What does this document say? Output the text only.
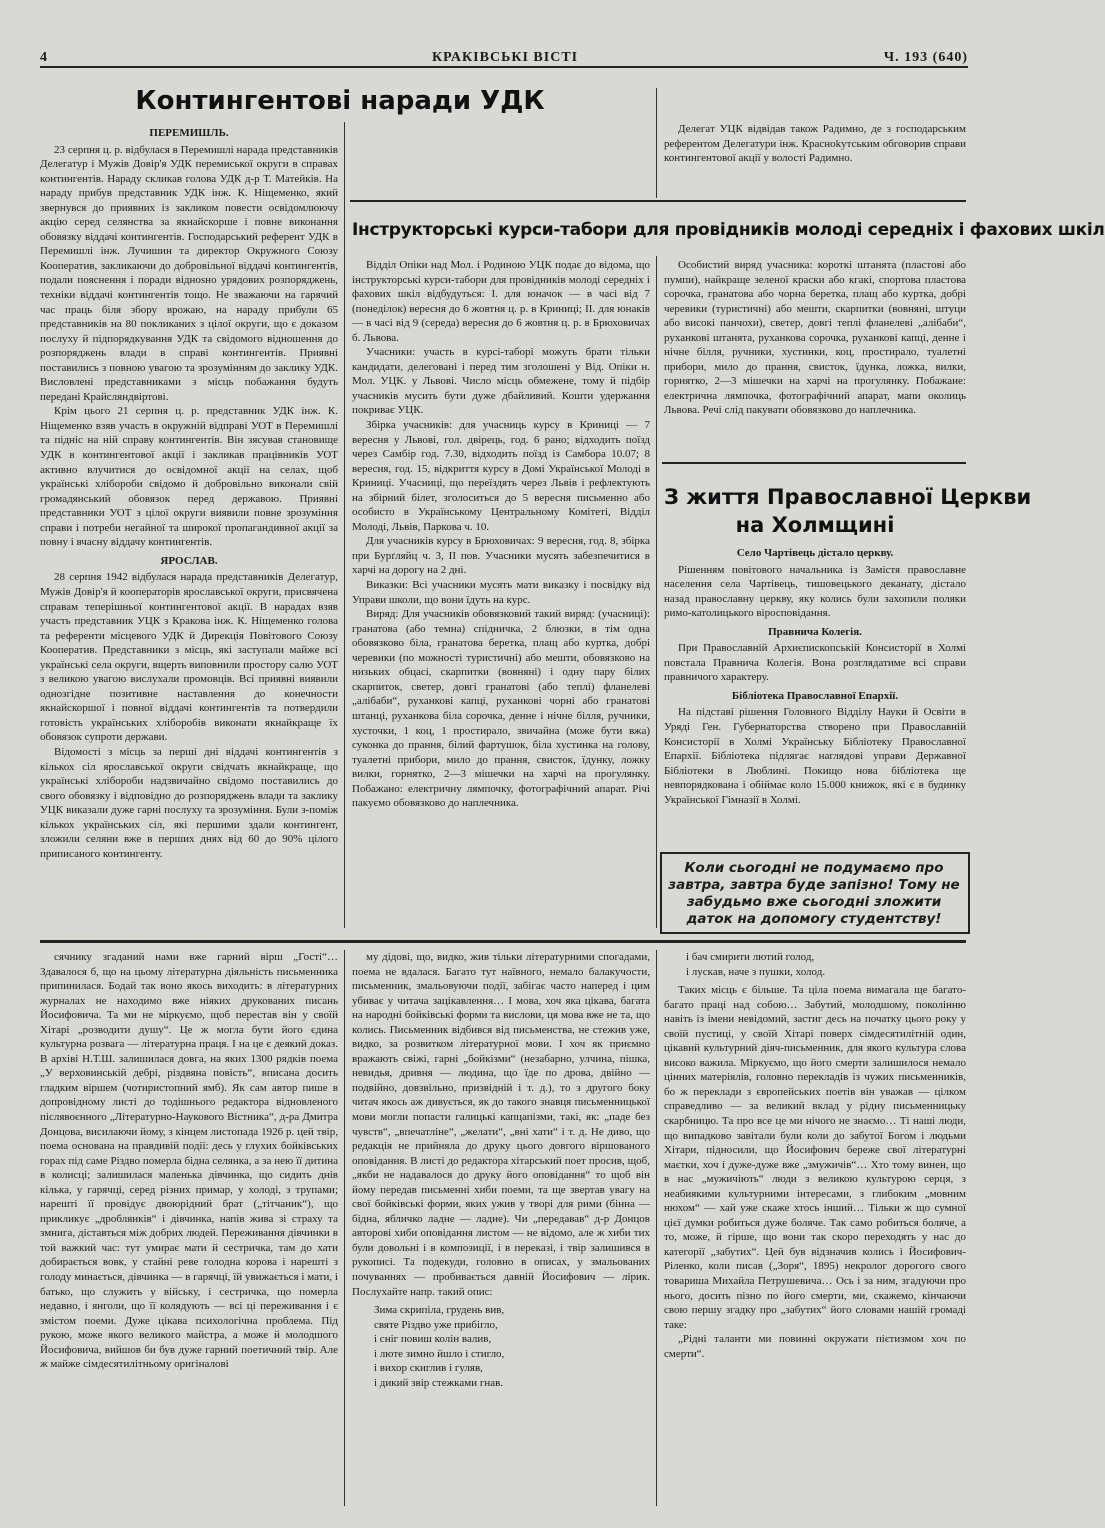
4	КРАКІВСЬКІ ВІСТІ	Ч. 193 (640)
Контингентові наради УДК

ПЕРЕМИШЛЬ.

23 серпня ц. р. відбулася в Перемишлі нарада представників Делегатур і Мужів Довір'я УДК перемиської округи в справах контингентів. Нараду скликав голова УДК д-р Т. Матейків. На нараду прибув представник УДК інж. К. Ніщеменко, який звернувся до приявних із закликом повести освідомлюючу акцію серед селянства за якнайскорше і повне виконання обовязку віддачі контингентів. Господарський референт УДК в Перемишлі інж. Лучишин та директор Окружного Союзу Кооператив, закликаючи до добровільної віддачі контингентів, подали пояснення і поради віднosно урядових розпоряджень, техніки віддачі контингентів тощо. Не зважаючи на гарячий час праць біля збору врожаю, на нараду прибули 65 представників на 80 покликаних з цілої округи, що є доказом послуху й підпорядкування УДК та свідомого відношення до розпоряджень влади в справі контингентів. Приявні поставились з повною увагою та зрозумінням до заклику УДК. Висловлені представниками з місць побажання будуть передані Крайсляндвіртові.

Крім цього 21 серпня ц. р. представник УДК інж. К. Ніщеменко взяв участь в окружній відправі УОТ в Перемишлі та підніс на ній справу контингентів. Він зясував становище УДК в контингентової акції і закликав працівників УОТ активно влучитися до освідомної акції на селах, щоб українські хлібороби свідомо й добровільно виконали свій громадянський обовязок перед державою. Приявні представники УОТ з цілої округи виявили повне зрозуміння справи і потреби негайної та широкої пропагандивної акції за повну і вчасну віддачу контингентів.

ЯРОСЛАВ.

28 серпня 1942 відбулася нарада представників Делегатур, Мужів Довір'я й кооператорів ярославської округи, присвячена справам теперішньої контингентової акції. В нарадах взяв участь представник УЦК з Кракова інж. К. Ніщеменко голова та референти місцевого УДК й Дирекція Повітового Союзу Кооператив. Представники з місць, які заступали майже всі українські села округи, вщерть виповнили простору салю УОТ з великою увагою вислухали промовців. Всі приявні виявили однозгідне позитивне наставлення до конечности якнайскоршої і повної віддачі контингентів та потвердили готовість українських хліборобів виконати якнайкраще їх обовязок супроти держави.

Відомості з місць за перші дні віддачі контингентів з кількох сіл ярославської округи свідчать якнайкраще, що українські хлібороби надзвичайно свідомо поставились до свого обовязку і відповідно до розпоряджень влади та заклику УЦК виказали дуже гарні послуху та зрозуміння. Були з-поміж кількох українських сіл, які першими здали контингент, зложили селяни вже в перших днях від 60 до 90% цілого приписаного контингенту.

Делегат УЦК відвідав також Радимно, де з господарським референтом Делегатури інж. Красноkутським обговорив справи контингентової акції у волості Радимно.

Інструкторські курси-табори для провідників молоді середніх і фахових шкіл

Відділ Опіки над Мол. і Родиною УЦК подає до відома, що інструкторські курси-табори для провідників молоді середніх і фахових шкіл відбудуться: І. для юначок — в часі від 7 (понеділок) вересня до 6 жовтня ц. р. в Криниці; ІІ. для юнаків — в часі від 9 (середа) вересня до 6 жовтня ц. р. в Брюховичах б. Львова.

Учасники: участь в курсі-таборі можуть брати тільки кандидати, делеговані і перед тим зголошені у Від. Опіки н. Мол. УЦК. у Львові. Число місць обмежене, тому й підбір учасників мусить бути дуже дбайливий. Кошти удержання покриває УЦК.

Збірка учасників: для учасниць курсу в Криниці — 7 вересня у Львові, гол. двірець, год. 6 рано; відходить поїзд через Самбір год. 7.30, відходить поїзд із Самбора 10.07; 8 вересня, год. 15, відкриття курсу в Домі Української Молоді в Криниці. Учасниці, що переїздять через Львів і рефлектують на збірний білет, зголоситься до 5 вересня письменно або особисто в Українському Центральному Комітеті, Відділ Молоді, Львів, Паркова ч. 10.

Для учасників курсу в Брюховичах: 9 вересня, год. 8, збірка при Бурґляйц ч. 3, ІІ пов. Учасники мусять забезпечитися в харчі на дорогу на 2 дні.

Виказки: Всі учасники мусять мати виказку і посвідку від Управи школи, що вони їдуть на курс.

Виряд: Для учасників обовязковий такий виряд: (учасниці): гранатова (або темна) спідничка, 2 блюзки, в тім одна обовязково біла, гранатова беретка, плащ або куртка, добрі черевики (по можності туристичні) або мешти, обовязково на низьких обцасі, скарпитки (вовняні) і одну пару білих скарпиток, светер, довгі гранатові (або теплі) фланелеві „алібаби“, руханкові капці, руханкові чорні або гранатові штанці, руханкова біла сорочка, денне і нічне білля, ручники, хусточки, 1 коц, 1 простирало, звичайна (може бути вжа) суконка до прання, білий фартушок, біла хустинка на голову, туалетні прибори, мило до прання, свисток, їдунку, ложку вилки, горнятко, 2—3 мішечки на харчі на прогулянку. Побажано: електричну лямпочку, фотографічний апарат. Річі пакуємо обовязково до наплечника.

Особистий виряд учасника: короткі штанята (пластові або пумпи), найкраще зеленої краски або кгакі, спортова пластова сорочка, гранатова або чорна беретка, плащ або куртка, добрі черевики (туристичні) або мешти, скарпитки (вовняні, штуци або високі панчохи), светер, довгі теплі фланелеві „алібаби“, руханкові штанята, руханкова сорочка, руханкові капці, денне і нічне білля, ручники, хустинки, коц, простирало, туалетні прибори, мило до прання, свисток, їдунка, ложка, вилки, горнятко, 2—3 мішечки на харчі на прогулянку. Побажане: електрична лямпочка, фотографічний апарат, мапи околиць Львова. Речі слід пакувати обовязково до наплечника.

З життя Православної Церкви
на Холмщині

Село Чартівець дістало церкву.

Рішенням повітового начальника із Замістя православне населення села Чартівець, тишовецького деканату, дістало назад православну церкву, яку колись були захопили поляки римо-католицького віросповідання.

Правнича Колегія.

При Православній Архиєпископській Консисторії в Холмі повстала Правнича Колегія. Вона розглядатиме всі справи правничого характеру.

Бібліотека Православної Епархії.

На підставі рішення Головного Відділу Науки й Освіти в Уряді Ген. Губернаторства створено при Православній Консисторії в Холмі Українську Бібліотеку Православної Епархії. Бібліотека підлягає наглядові управи Державної Бібліотеки в Люблині. Покищо нова бібліотека ще невпорядкована і обіймає коло 15.000 книжок, які є в будинку Української Гімназії в Холмі.

Коли сьогодні не подумаємо про завтра, завтра буде запізно! Тому не забудьмо вже сьогодні зложити даток на допомогу студентству!

сячнику згаданий нами вже гарний вірш „Гості“… Здавалося б, що на цьому літературна діяльність письменника припинилася. Бодай так воно якось виходить: в літературних журналах не находимо вже ніяких друкованих писань Йосифовича. Та ми не міркуємо, щоб перестав він у своїй Хітарі „розводити душу“. Це ж могла бути його єдина культурна розвага — літературна праця. І на це є деякий доказ. В архіві Н.Т.Ш. залишилася довга, на яких 1300 рядків поема „У верховинській дебрі, різдвяна повість“, вписана досить гладким віршем (чотиристопний ямб). Як сам автор пише в допровідному листі до тодішнього редактора відновленого післявоєнного „Літературно-Наукового Вістника“, д-ра Дмитра Донцова, висилаючи йому, з кінцем листопада 1926 р. цей твір, поема основана на правдивій події: десь у глухих бойківських горах під саме Різдво померла бідна селянка, а за нею її дитина в колисці; залишилася маленька дівчинка, що сидить днів кілька, у гарячці, серед різних примар, у холоді, з трупами; нарешті її провідує двоюрідний брат („тітчаник“), що прикликує „дроблянків“ і дівчинка, напів жива зі страху та змнига, діставться між добрих людей. Переживання дівчинки в той важкий час: тут умирає мати й сестричка, там до хати добирається вовк, у стайні реве голодна корова і нарешті з голоду минається, дівчинка — в гарячці, їй увижається і мати, і батько, що служить у війську, і сестричка, що померла недавно, і янголи, що її колядують — всі ці переживання і є змістом поеми. Дуже цікава психологічна проблема. Під рукою, може якого великого майстра, а може й молодшого Йосифовича, вийшов би був дуже гарний поетичний твір. Але ж майже сімдесятилітньому оригіналові

му дідові, що, видко, жив тільки літературними спогадами, поема не вдалася. Багато тут наївного, немало балакучости, письменник, змальовуючи події, забігає часто наперед і цим убиває у читача зацікавлення… І мова, хоч яка цікава, багата на народні бойківські форми та вислови, ця мова вже не та, що колись. Письменник відбився від письменства, не стежив уже, видко, за розвитком літературної мови. І хоч як приємно вражають свіжі, гарні „бойкізми“ (незабарно, улчина, пішка, невидья, дривня — людина, що їде по дрова, двійно — подвійно, довзвільно, призвідній і т. д.), то з другого боку читач якось аж дивується, як до такого знавця письменницької мови могли попасти галицькі капцапізми, такі, як: „паде без чувств“, „впечатліне“, „желати“, „вні хати“ і т. д. Не диво, що редакція не прийняла до друку цього довгого віршованого оповідання. В листі до редактора хітарський поет просив, щоб, „якби не надавалося до друку його оповідання“ то щоб він йому передав письменні хиби поеми, та ще звертав увагу на свої бойківські форми, яких ужив у творі для рими (бінна — бідна, ябличко ладне — ладне). Чи „передавав“ д-р Донцов авторові хиби оповідання листом — не відомо, але ж хиби тих були довольні і в композиції, і в переказі, і твір залишився в рукописі. Та подекуди, головно в описах, у змальованих почуваннях — пробивається давній Йосифович — лірик. Послухайте напр. такий опис:

Зима скрипіла, грудень вив,

святе Різдво уже прибігло,

і сніг повиш колін валив,

і люте зимно йшло і стигло,

і вихор скиглив і гуляв,

і дикий звір стежками гнав.

і бач смирити лютий голод,

і лускав, наче з пушки, холод.

Таких місць є більше. Та ціла поема вимагала ще багато-багато праці над собою… Забутий, молодшому, поколінню навіть із імени невідомий, застиг десь на початку цього року у своїй пустиці, у своїй Хітарі поверх сімдесятилітній один, цікавий культурний діяч-письменник, для якого культура слова високо важила. Міркуємо, що його смерти залишилося немало цінних матеріялів, головно перекладів із чужих письменників, бо ж переклади з європейських поетів він уважав — цілком справедливо — за великий вклад у рідну письменницьку скарбницю. Та про все це ми нічого не знаємо… Ті наші люди, що випадково завітали були коли до забутої Богом і людьми Хітари, підносили, що Йосифович береже свої літературні маєтки, хоч і дуже-дуже вже „змужичів“… Хто тому винен, що в нас „мужичіють“ люди з великою культурою серця, з неабиякими культурними інтересами, з глибоким „мовним нюхом“ — хай уже скаже хтось інший… Тільки ж що сумної цієї думки робиться дуже боляче. Так само робиться боляче, а то, може, й гірше, що вони так скоро переходять у нас до категорії „забутих“. Цей був відзначив колись і Йосифович-Рiленко, коли писав („Зоря“, 1895) некролог дорогого свого товариша Михайла Петрушевича… Ось і за ним, згадуючи про нього, досить пізно по його смерти, ми, скажемо, кінчаючи свою першу згадку про „забутих“ його словами нашій громаді таке:

„Рідні таланти ми повинні окружати пієтизмом хоч по смерти“.
